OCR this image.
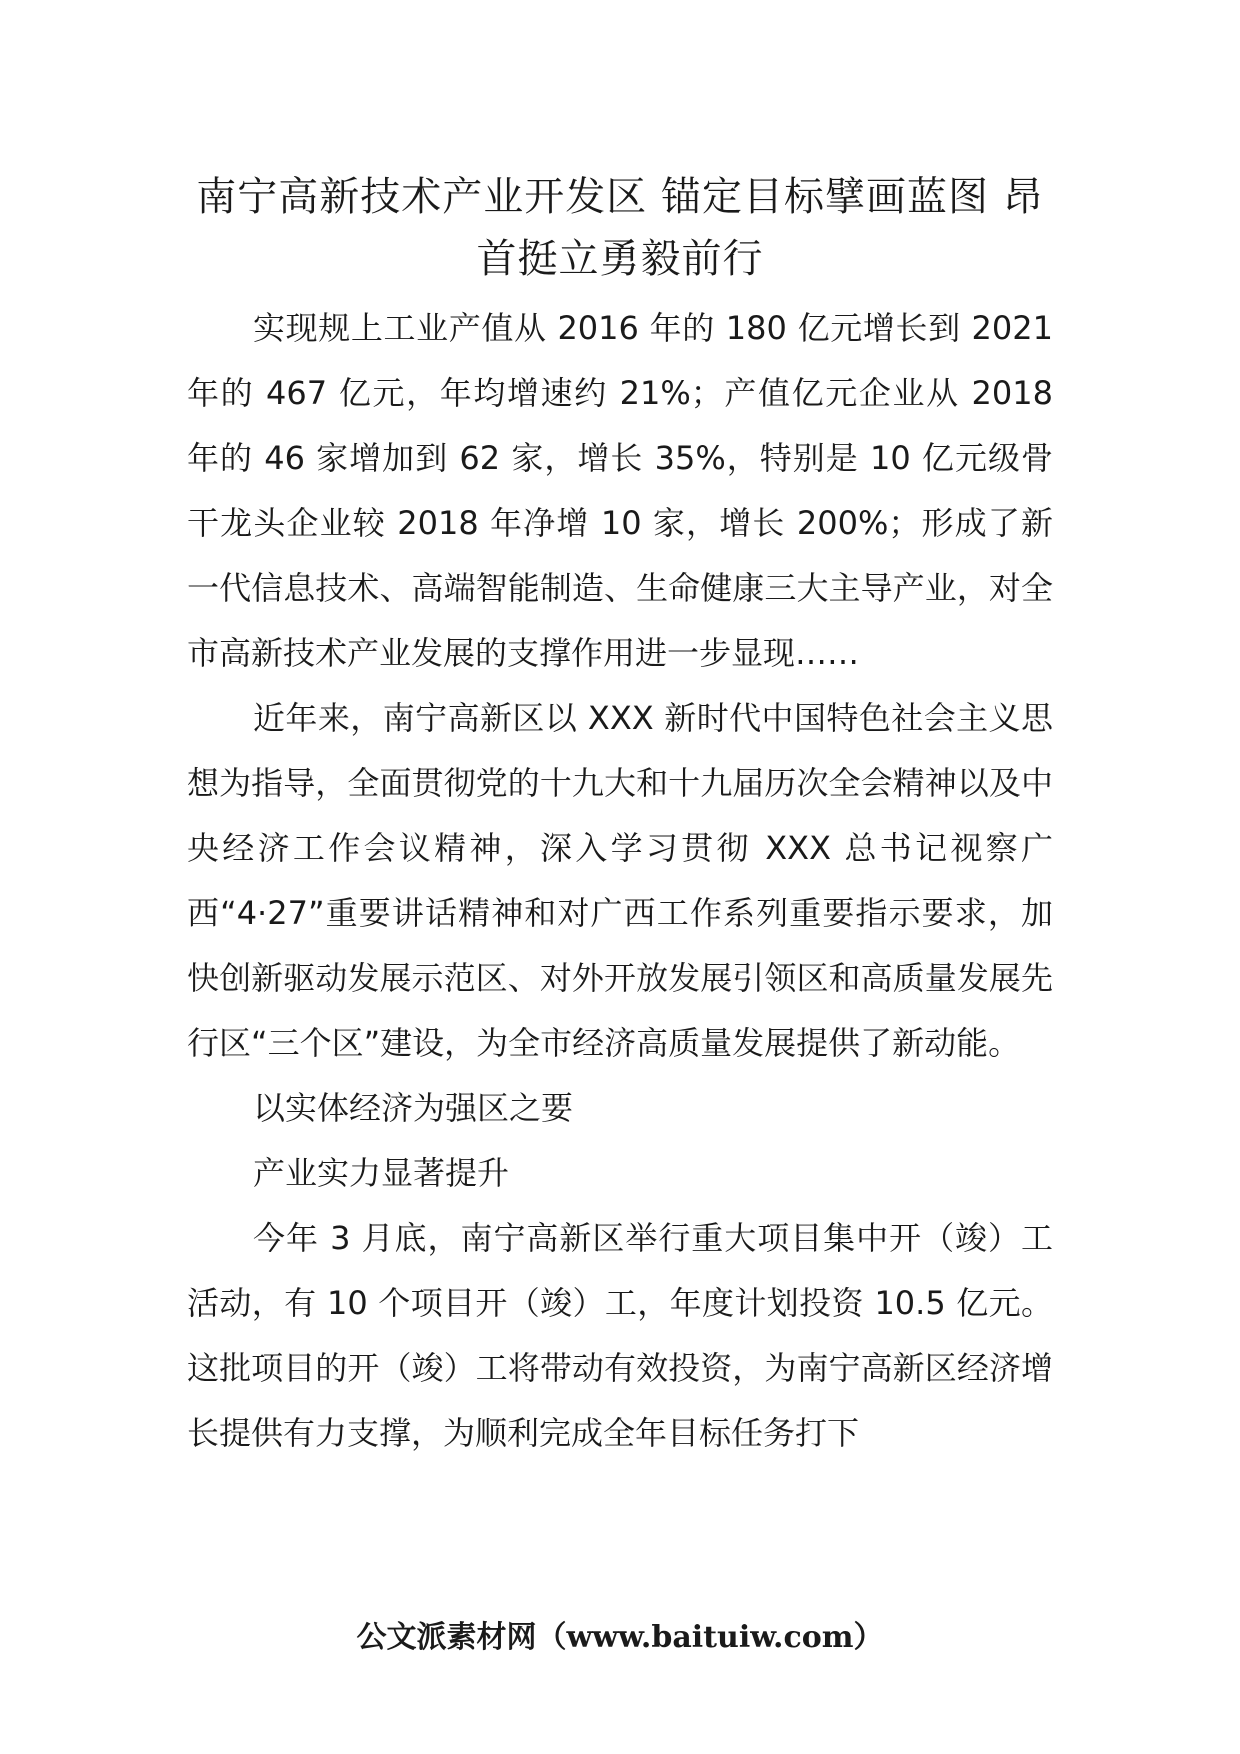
南宁高新技术产业开发区 锚定目标擘画蓝图 昂首挺立勇毅前行

实现规上工业产值从 2016 年的 180 亿元增长到 2021 年的 467 亿元，年均增速约 21%；产值亿元企业从 2018 年的 46 家增加到 62 家，增长 35%，特别是 10 亿元级骨干龙头企业较 2018 年净增 10 家，增长 200%；形成了新一代信息技术、高端智能制造、生命健康三大主导产业，对全市高新技术产业发展的支撑作用进一步显现……

近年来，南宁高新区以 XXX 新时代中国特色社会主义思想为指导，全面贯彻党的十九大和十九届历次全会精神以及中央经济工作会议精神，深入学习贯彻 XXX 总书记视察广西“4·27”重要讲话精神和对广西工作系列重要指示要求，加快创新驱动发展示范区、对外开放发展引领区和高质量发展先行区“三个区”建设，为全市经济高质量发展提供了新动能。

以实体经济为强区之要

产业实力显著提升

今年 3 月底，南宁高新区举行重大项目集中开（竣）工活动，有 10 个项目开（竣）工，年度计划投资 10.5 亿元。这批项目的开（竣）工将带动有效投资，为南宁高新区经济增长提供有力支撑，为顺利完成全年目标任务打下

公文派素材网（www.baituiw.com）
